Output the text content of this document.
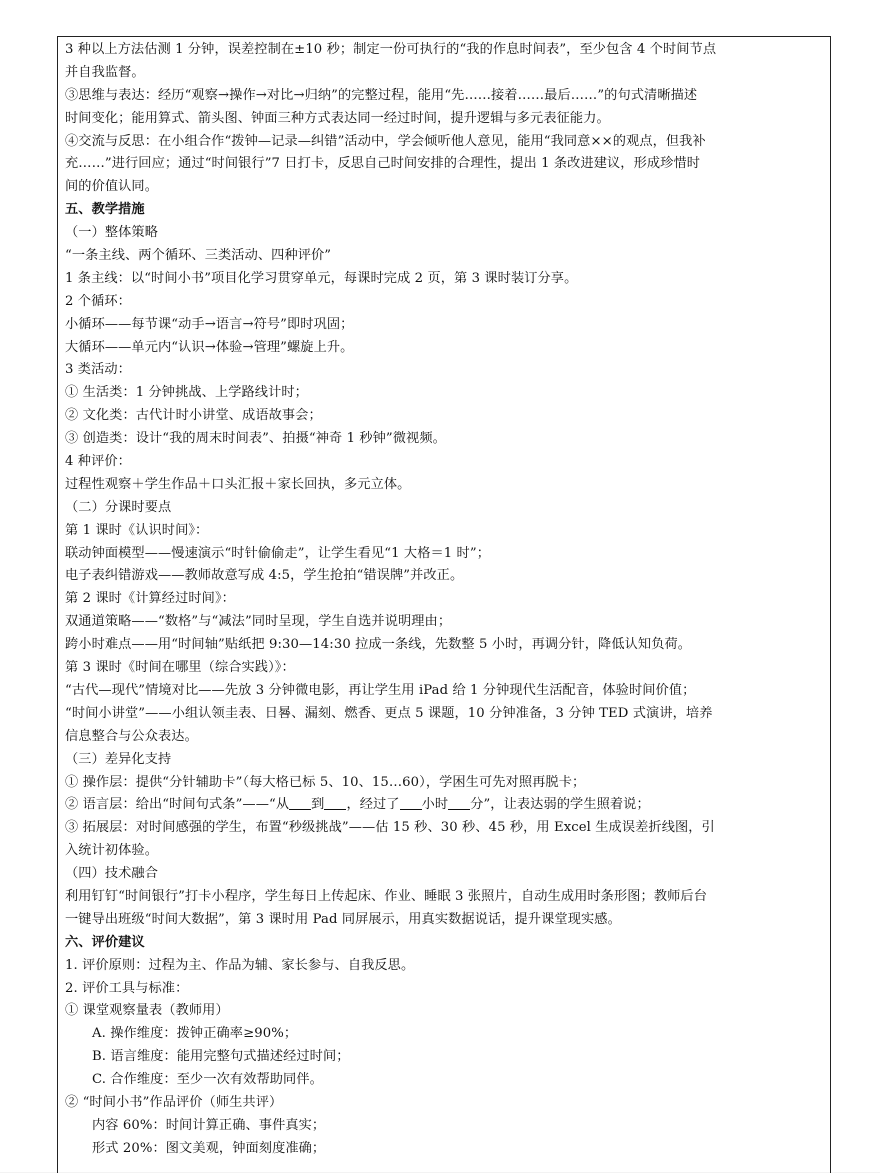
3 种以上方法估测 1 分钟，误差控制在±10 秒；制定一份可执行的“我的作息时间表”，至少包含 4 个时间节点
并自我监督。
③思维与表达：经历“观察→操作→对比→归纳”的完整过程，能用“先……接着……最后……”的句式清晰描述
时间变化；能用算式、箭头图、钟面三种方式表达同一经过时间，提升逻辑与多元表征能力。
④交流与反思：在小组合作“拨钟—记录—纠错”活动中，学会倾听他人意见，能用“我同意××的观点，但我补
充……”进行回应；通过“时间银行”7 日打卡，反思自己时间安排的合理性，提出 1 条改进建议，形成珍惜时
间的价值认同。
五、教学措施
（一）整体策略
“一条主线、两个循环、三类活动、四种评价”
1 条主线：以“时间小书”项目化学习贯穿单元，每课时完成 2 页，第 3 课时装订分享。
2 个循环：
小循环——每节课“动手→语言→符号”即时巩固；
大循环——单元内“认识→体验→管理”螺旋上升。
3 类活动：
① 生活类：1 分钟挑战、上学路线计时；
② 文化类：古代计时小讲堂、成语故事会；
③ 创造类：设计“我的周末时间表”、拍摄“神奇 1 秒钟”微视频。
4 种评价：
过程性观察＋学生作品＋口头汇报＋家长回执，多元立体。
（二）分课时要点
第 1 课时《认识时间》：
联动钟面模型——慢速演示“时针偷偷走”，让学生看见“1 大格＝1 时”；
电子表纠错游戏——教师故意写成 4:5，学生抢拍“错误牌”并改正。
第 2 课时《计算经过时间》：
双通道策略——“数格”与“减法”同时呈现，学生自选并说明理由；
跨小时难点——用“时间轴”贴纸把 9:30—14:30 拉成一条线，先数整 5 小时，再调分针，降低认知负荷。
第 3 课时《时间在哪里（综合实践）》：
“古代—现代”情境对比——先放 3 分钟微电影，再让学生用 iPad 给 1 分钟现代生活配音，体验时间价值；
“时间小讲堂”——小组认领圭表、日晷、漏刻、燃香、更点 5 课题，10 分钟准备，3 分钟 TED 式演讲，培养
信息整合与公众表达。
（三）差异化支持
① 操作层：提供“分针辅助卡”（每大格已标 5、10、15…60），学困生可先对照再脱卡；
② 语言层：给出“时间句式条”——“从 到 ，经过了 小时 分”，让表达弱的学生照着说；
③ 拓展层：对时间感强的学生，布置“秒级挑战”——估 15 秒、30 秒、45 秒，用 Excel 生成误差折线图，引
入统计初体验。
（四）技术融合
利用钉钉“时间银行”打卡小程序，学生每日上传起床、作业、睡眠 3 张照片，自动生成用时条形图；教师后台
一键导出班级“时间大数据”，第 3 课时用 Pad 同屏展示，用真实数据说话，提升课堂现实感。
六、评价建议
1. 评价原则：过程为主、作品为辅、家长参与、自我反思。
2. 评价工具与标准：
① 课堂观察量表（教师用）
A. 操作维度：拨钟正确率≥90%；
B. 语言维度：能用完整句式描述经过时间；
C. 合作维度：至少一次有效帮助同伴。
② “时间小书”作品评价（师生共评）
内容 60%：时间计算正确、事件真实；
形式 20%：图文美观，钟面刻度准确；
